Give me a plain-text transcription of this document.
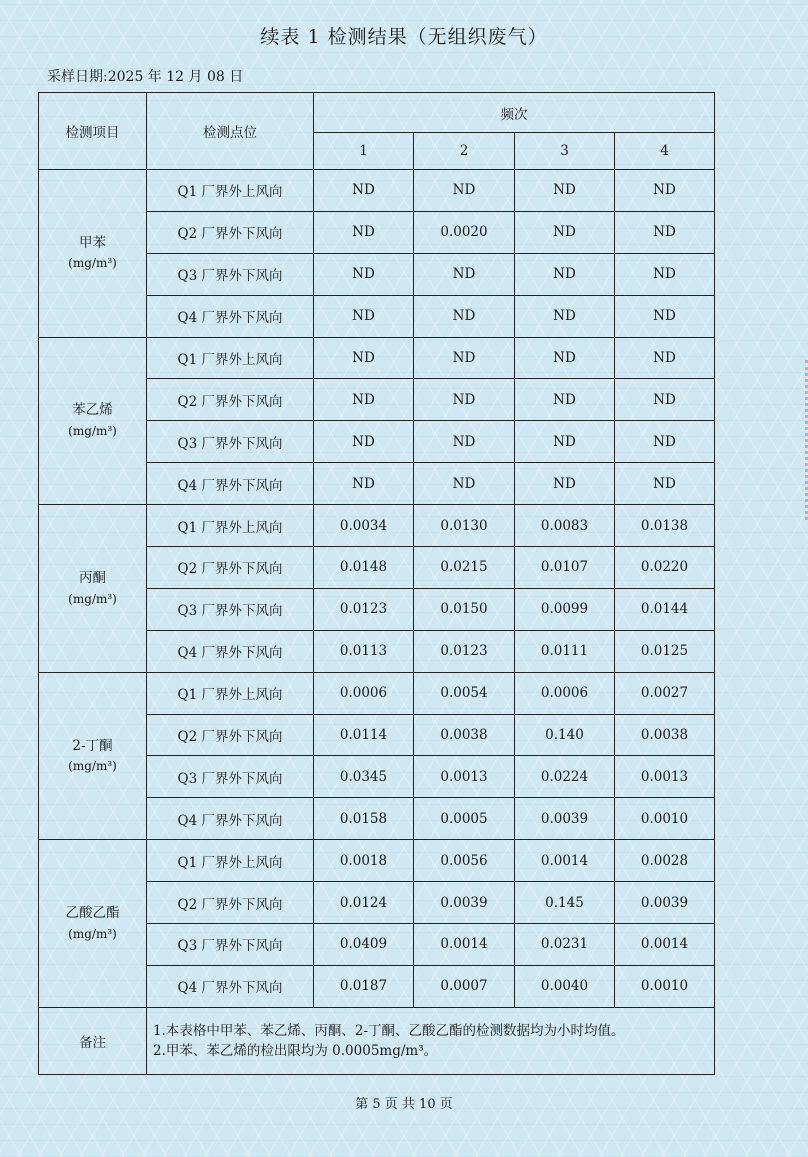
续表 1 检测结果（无组织废气）
采样日期:2025 年 12 月 08 日
检测项目	检测点位	频次			
		1	2	3	4
甲苯
(mg/m³)	Q1 厂界外上风向	ND	ND	ND	ND
	Q2 厂界外下风向	ND	0.0020	ND	ND
	Q3 厂界外下风向	ND	ND	ND	ND
	Q4 厂界外下风向	ND	ND	ND	ND
苯乙烯
(mg/m³)	Q1 厂界外上风向	ND	ND	ND	ND
	Q2 厂界外下风向	ND	ND	ND	ND
	Q3 厂界外下风向	ND	ND	ND	ND
	Q4 厂界外下风向	ND	ND	ND	ND
丙酮
(mg/m³)	Q1 厂界外上风向	0.0034	0.0130	0.0083	0.0138
	Q2 厂界外下风向	0.0148	0.0215	0.0107	0.0220
	Q3 厂界外下风向	0.0123	0.0150	0.0099	0.0144
	Q4 厂界外下风向	0.0113	0.0123	0.0111	0.0125
2-丁酮
(mg/m³)	Q1 厂界外上风向	0.0006	0.0054	0.0006	0.0027
	Q2 厂界外下风向	0.0114	0.0038	0.140	0.0038
	Q3 厂界外下风向	0.0345	0.0013	0.0224	0.0013
	Q4 厂界外下风向	0.0158	0.0005	0.0039	0.0010
乙酸乙酯
(mg/m³)	Q1 厂界外上风向	0.0018	0.0056	0.0014	0.0028
	Q2 厂界外下风向	0.0124	0.0039	0.145	0.0039
	Q3 厂界外下风向	0.0409	0.0014	0.0231	0.0014
	Q4 厂界外下风向	0.0187	0.0007	0.0040	0.0010
备注	1.本表格中甲苯、苯乙烯、丙酮、2-丁酮、乙酸乙酯的检测数据均为小时均值。
2.甲苯、苯乙烯的检出限均为 0.0005mg/m³。				
第 5 页 共 10 页
